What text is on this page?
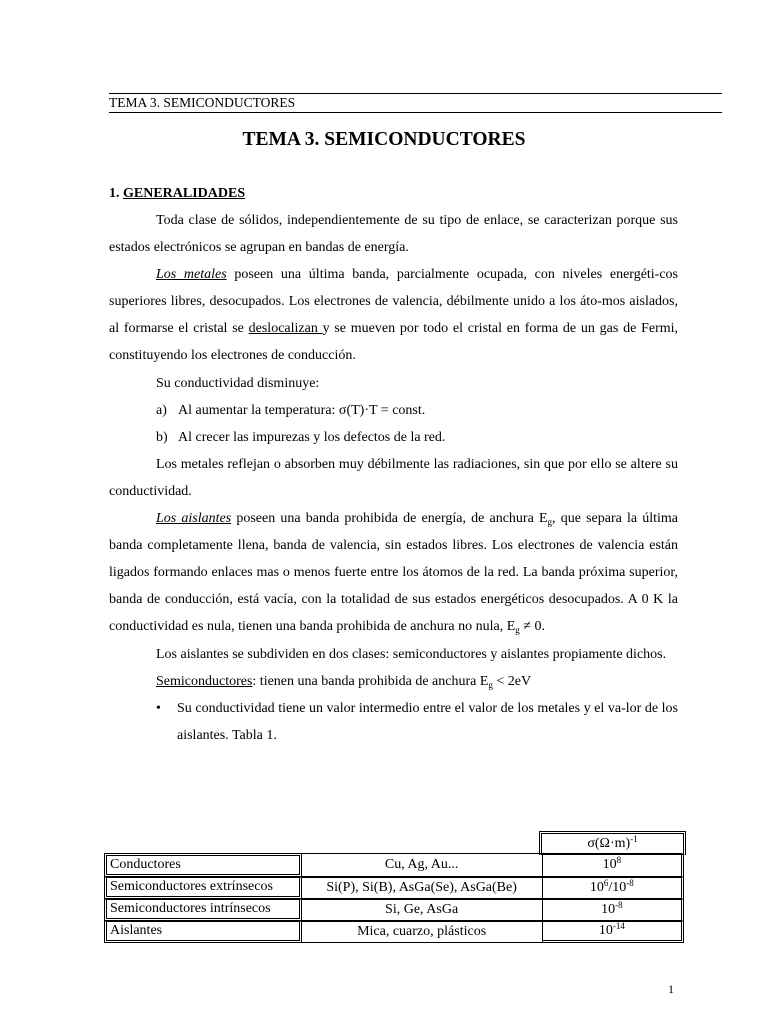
TEMA 3. SEMICONDUCTORES
TEMA 3. SEMICONDUCTORES
1. GENERALIDADES

Toda clase de sólidos, independientemente de su tipo de enlace, se caracterizan porque sus estados electrónicos se agrupan en bandas de energía.

Los metales poseen una última banda, parcialmente ocupada, con niveles energéti-cos superiores libres, desocupados. Los electrones de valencia, débilmente unido a los áto-mos aislados, al formarse el cristal se deslocalizan y se mueven por todo el cristal en forma de un gas de Fermi, constituyendo los electrones de conducción.

Su conductividad disminuye:

a) Al aumentar la temperatura: σ(T)·T = const.

b) Al crecer las impurezas y los defectos de la red.

Los metales reflejan o absorben muy débilmente las radiaciones, sin que por ello se altere su conductividad.

Los aislantes poseen una banda prohibida de energía, de anchura $E_g$, que separa la última banda completamente llena, banda de valencia, sin estados libres. Los electrones de valencia están ligados formando enlaces mas o menos fuerte entre los átomos de la red. La banda próxima superior, banda de conducción, está vacía, con la totalidad de sus estados energéticos desocupados. A 0 K la conductividad es nula, tienen una banda prohibida de anchura no nula, $E_g \ne 0$.

Los aislantes se subdividen en dos clases: semiconductores y aislantes propiamente dichos.

Semiconductores: tienen una banda prohibida de anchura $E_g < 2eV$

• Su conductividad tiene un valor intermedio entre el valor de los metales y el va-lor de los aislantes. Tabla 1.

$\sigma(\Omega\cdot m)^{-1}$
Conductores	Cu, Ag, Au...	$10^8$
Semiconductores extrínsecos	Si(P), Si(B), AsGa(Se), AsGa(Be)	$10^6/10^{-8}$
Semiconductores intrínsecos	Si, Ge, AsGa	$10^{-8}$
Aislantes	Mica, cuarzo, plásticos	$10^{-14}$
1
